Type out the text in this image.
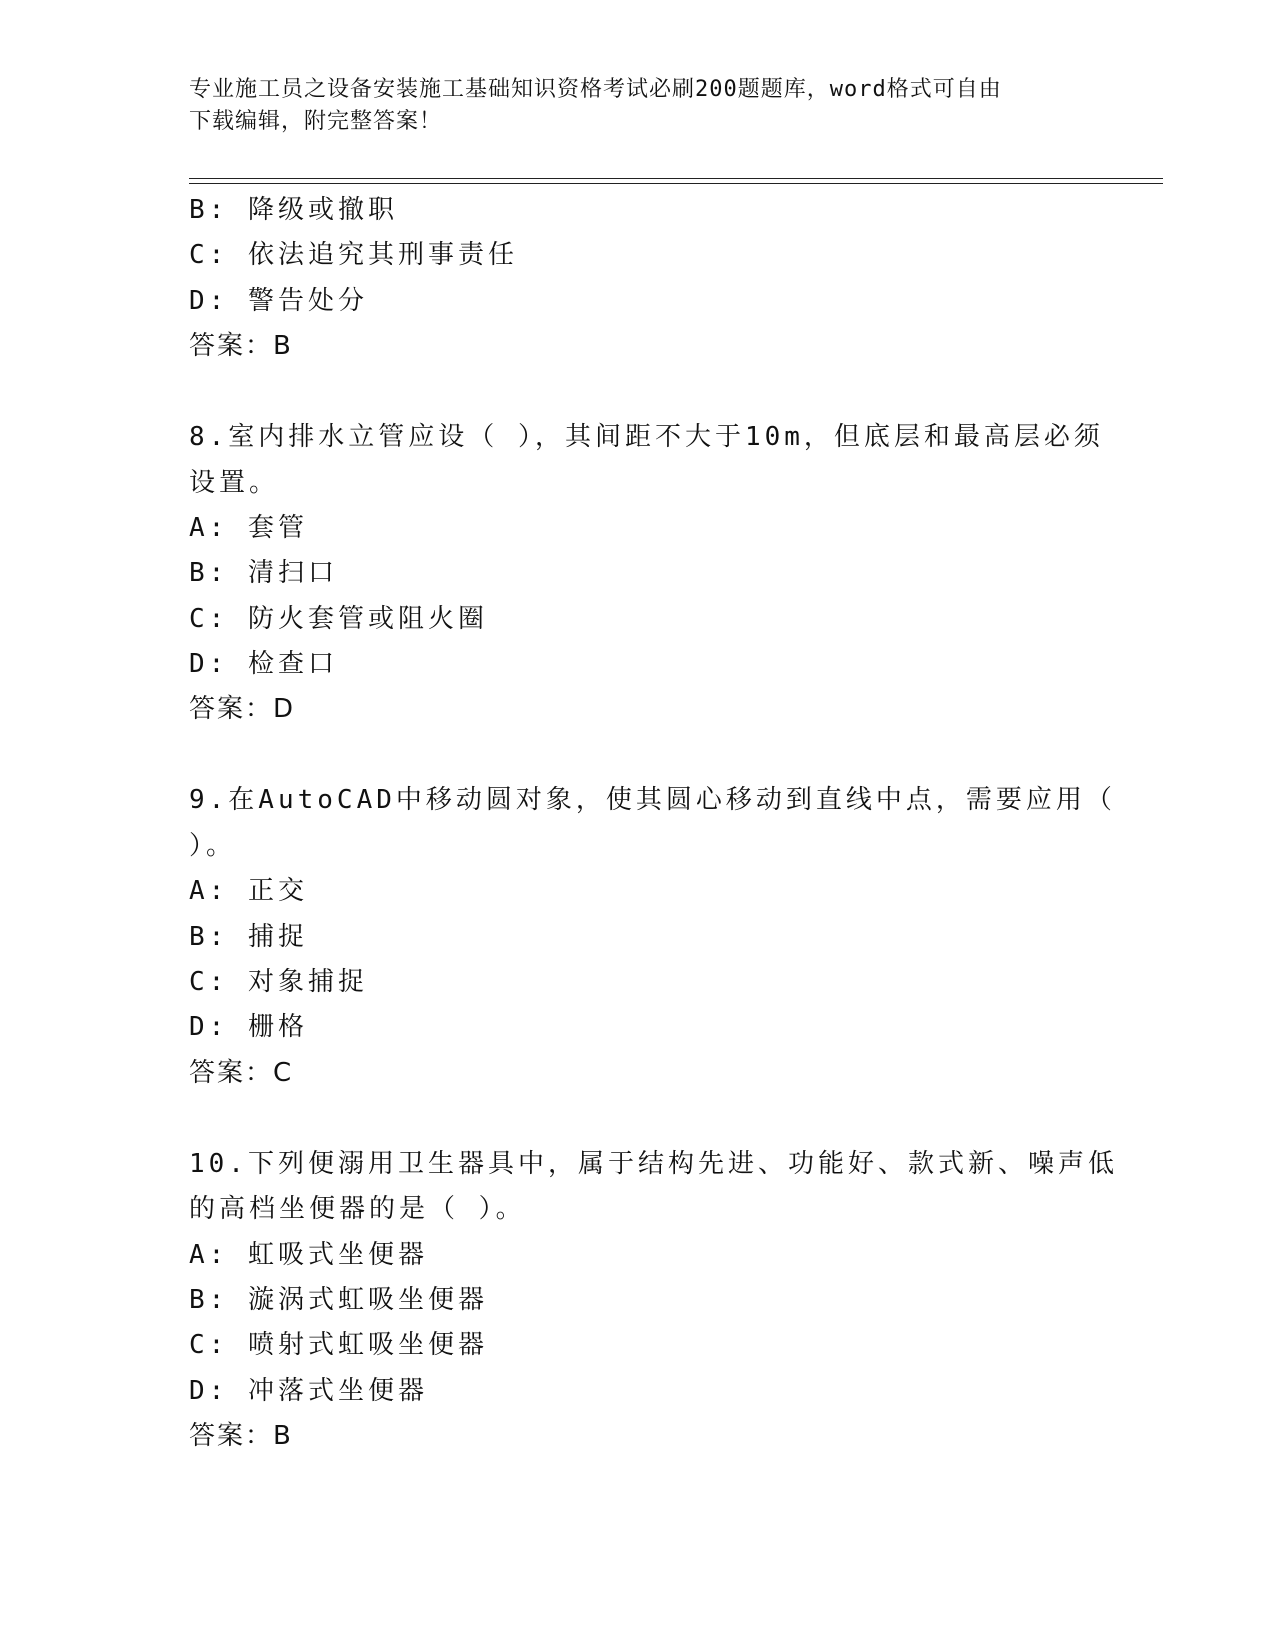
专业施工员之设备安装施工基础知识资格考试必刷200题题库，word格式可自由
下载编辑，附完整答案！
B: 降级或撤职
C: 依法追究其刑事责任
D: 警告处分
答案：B
8.室内排水立管应设（ ），其间距不大于10m，但底层和最高层必须
设置。
A: 套管
B: 清扫口
C: 防火套管或阻火圈
D: 检查口
答案：D
9.在AutoCAD中移动圆对象，使其圆心移动到直线中点，需要应用（
）。
A: 正交
B: 捕捉
C: 对象捕捉
D: 栅格
答案：C
10.下列便溺用卫生器具中，属于结构先进、功能好、款式新、噪声低
的高档坐便器的是（ ）。
A: 虹吸式坐便器
B: 漩涡式虹吸坐便器
C: 喷射式虹吸坐便器
D: 冲落式坐便器
答案：B
